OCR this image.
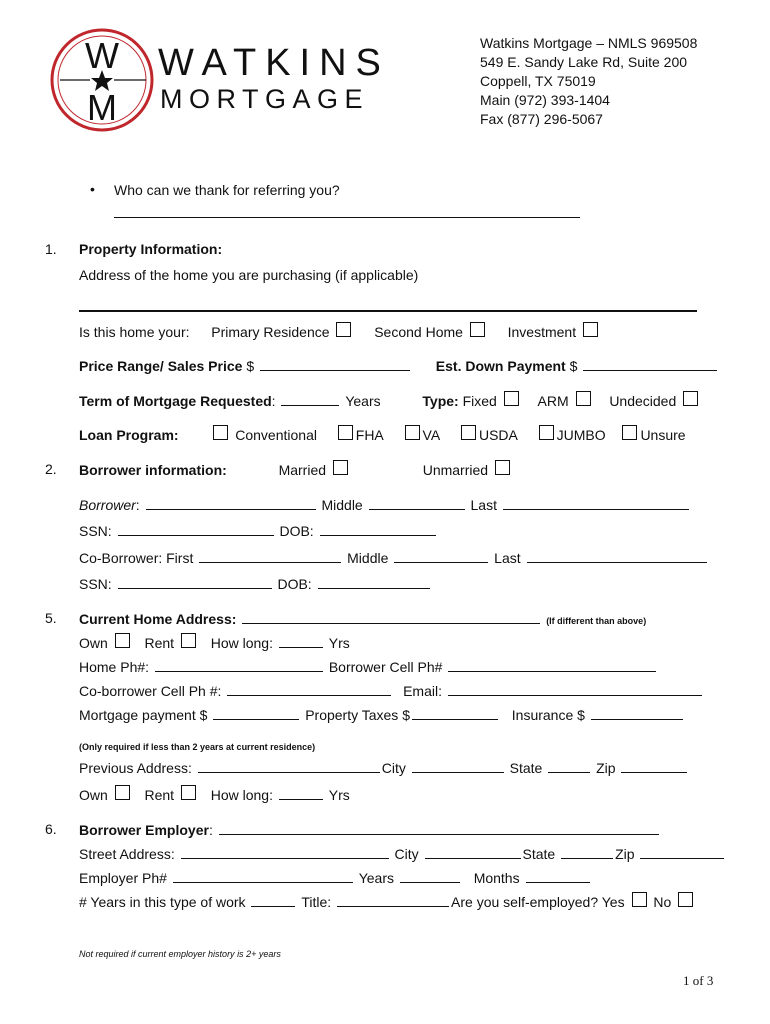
W
M
WATKINS
MORTGAGE
Watkins Mortgage – NMLS 969508
549 E. Sandy Lake Rd, Suite 200
Coppell, TX 75019
Main (972) 393-1404
Fax (877) 296-5067
• Who can we thank for referring you?
1. Property Information:
Address of the home you are purchasing (if applicable)
Is this home your: Primary Residence	Second Home	Investment
Price Range/ Sales Price $	Est. Down Payment $
Term of Mortgage Requested:	Years	Type: Fixed	ARM	Undecided
Loan Program:	Conventional	FHA	VA	USDA	JUMBO Unsure
2. Borrower information:	Married	Unmarried
Borrower:	Middle	Last
SSN:	DOB:
Co-Borrower: First	Middle	Last
SSN:	DOB:
5. Current Home Address:	(If different than above)
Own	Rent	How long:	Yrs
Home Ph#:	Borrower Cell Ph#
Co-borrower Cell Ph #:	Email:
Mortgage payment $	Property Taxes $	Insurance $
(Only required if less than 2 years at current residence)
Previous Address:	City	State	Zip
Own	Rent	How long:	Yrs
6. Borrower Employer:
Street Address:	City	State	Zip
Employer Ph#	Years	Months
# Years in this type of work	Title:	Are you self-employed? Yes No
Not required if current employer history is 2+ years
1 of 3
